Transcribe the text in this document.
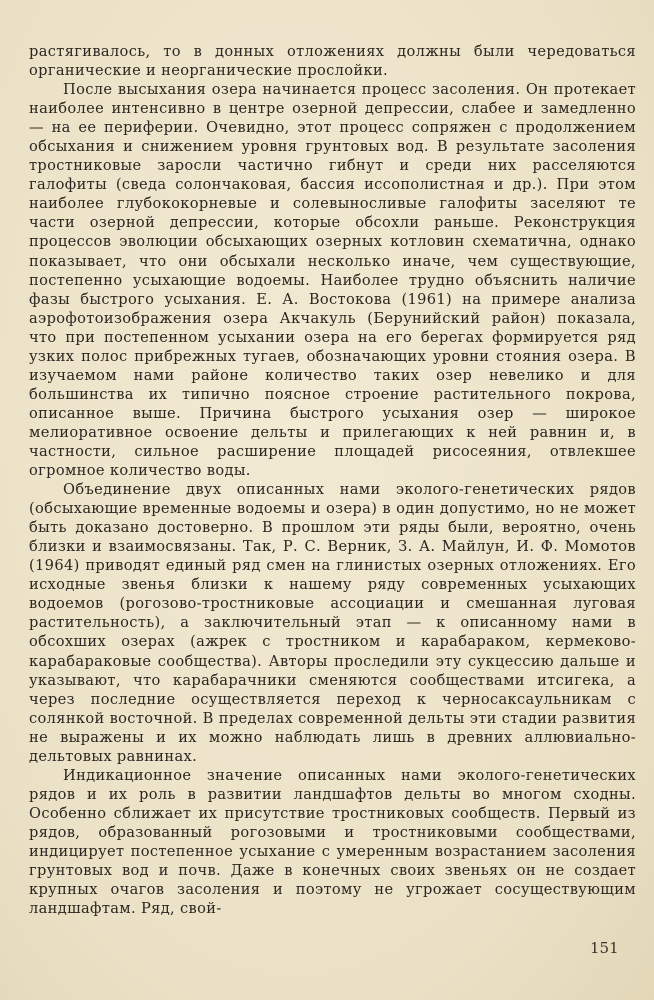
растягивалось, то в донных отложениях должны были чередоваться органические и неорганические прослойки.

После высыхания озера начинается процесс засоления. Он протекает наиболее интенсивно в центре озерной депрессии, слабее и замедленно — на ее периферии. Очевидно, этот процесс сопряжен с продолжением обсыхания и снижением уровня грунтовых вод. В результате засоления тростниковые заросли частично гибнут и среди них расселяются галофиты (сведа солончаковая, бассия иссополистная и др.). При этом наиболее глубококорневые и солевыносливые галофиты заселяют те части озерной депрессии, которые обсохли раньше. Реконструкция процессов эволюции обсыхающих озерных котловин схематична, однако показывает, что они обсыхали несколько иначе, чем существующие, постепенно усыхающие водоемы. Наиболее трудно объяснить наличие фазы быстрого усыхания. Е. А. Востокова (1961) на примере анализа аэрофотоизображения озера Акчакуль (Берунийский район) показала, что при постепенном усыхании озера на его берегах формируется ряд узких полос прибрежных тугаев, обозначающих уровни стояния озера. В изучаемом нами районе количество таких озер невелико и для большинства их типично поясное строение растительного покрова, описанное выше. Причина быстрого усыхания озер — широкое мелиоративное освоение дельты и прилегающих к ней равнин и, в частности, сильное расширение площадей рисосеяния, отвлекшее огромное количество воды.

Объединение двух описанных нами эколого-генетических рядов (обсыхающие временные водоемы и озера) в один допустимо, но не может быть доказано достоверно. В прошлом эти ряды были, вероятно, очень близки и взаимосвязаны. Так, Р. С. Верник, З. А. Майлун, И. Ф. Момотов (1964) приводят единый ряд смен на глинистых озерных отложениях. Его исходные звенья близки к нашему ряду современных усыхающих водоемов (рогозово-тростниковые ассоциации и смешанная луговая растительность), а заключительный этап — к описанному нами в обсохших озерах (ажрек с тростником и карабараком, кермеково-карабараковые сообщества). Авторы проследили эту сукцессию дальше и указывают, что карабарачники сменяются сообществами итсигека, а через последние осуществляется переход к черносаксаульникам с солянкой восточной. В пределах современной дельты эти стадии развития не выражены и их можно наблюдать лишь в древних аллювиально-дельтовых равнинах.

Индикационное значение описанных нами эколого-генетических рядов и их роль в развитии ландшафтов дельты во многом сходны. Особенно сближает их присутствие тростниковых сообществ. Первый из рядов, образованный рогозовыми и тростниковыми сообществами, индицирует постепенное усыхание с умеренным возрастанием засоления грунтовых вод и почв. Даже в конечных своих звеньях он не создает крупных очагов засоления и поэтому не угрожает сосуществующим ландшафтам. Ряд, свой-

151
